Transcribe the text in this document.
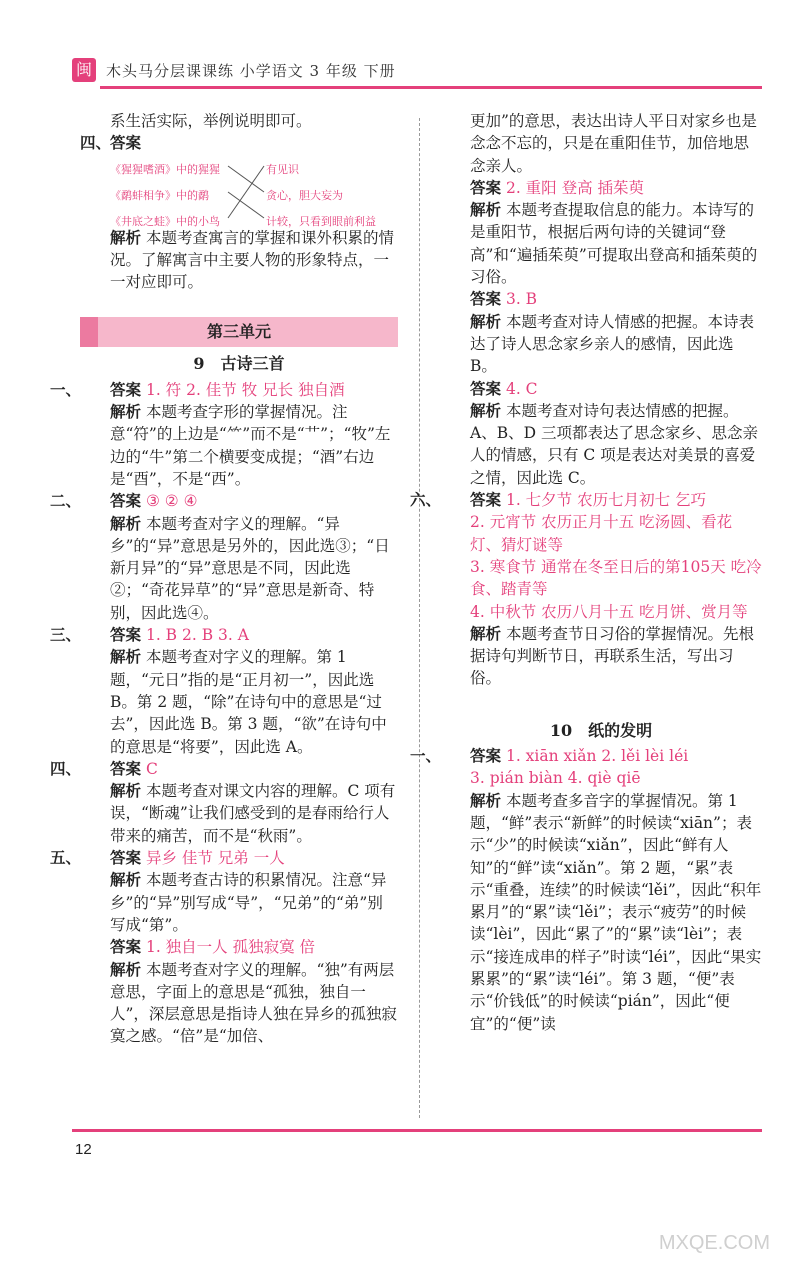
闽 木头马分层课课练 小学语文 3 年级 下册

系生活实际，举例说明即可。

四、答案

《猩猩嗜酒》中的猩猩
《鹬蚌相争》中的鹬
《井底之蛙》中的小鸟
有见识
贪心，胆大妄为
计较，只看到眼前利益

解析 本题考查寓言的掌握和课外积累的情况。了解寓言中主要人物的形象特点，一一对应即可。

第三单元
9　古诗三首

一、 答案 1. 符 2. 佳节 牧 兄长 独自酒

解析 本题考查字形的掌握情况。注意“符”的上边是“⺮”而不是“艹”；“牧”左边的“牛”第二个横要变成提；“酒”右边是“酉”，不是“西”。

二、 答案 ③ ② ④

解析 本题考查对字义的理解。“异乡”的“异”意思是另外的，因此选③；“日新月异”的“异”意思是不同，因此选②；“奇花异草”的“异”意思是新奇、特别，因此选④。

三、 答案 1. B 2. B 3. A

解析 本题考查对字义的理解。第 1 题，“元日”指的是“正月初一”，因此选 B。第 2 题，“除”在诗句中的意思是“过去”，因此选 B。第 3 题，“欲”在诗句中的意思是“将要”，因此选 A。

四、 答案 C

解析 本题考查对课文内容的理解。C 项有误，“断魂”让我们感受到的是春雨给行人带来的痛苦，而不是“秋雨”。

五、 答案 异乡 佳节 兄弟 一人

解析 本题考查古诗的积累情况。注意“异乡”的“异”别写成“导”，“兄弟”的“弟”别写成“第”。

答案 1. 独自一人 孤独寂寞 倍

解析 本题考查对字义的理解。“独”有两层意思，字面上的意思是“孤独，独自一人”，深层意思是指诗人独在异乡的孤独寂寞之感。“倍”是“加倍、

更加”的意思，表达出诗人平日对家乡也是念念不忘的，只是在重阳佳节，加倍地思念亲人。

答案 2. 重阳 登高 插茱萸

解析 本题考查提取信息的能力。本诗写的是重阳节，根据后两句诗的关键词“登高”和“遍插茱萸”可提取出登高和插茱萸的习俗。

答案 3. B

解析 本题考查对诗人情感的把握。本诗表达了诗人思念家乡亲人的感情，因此选 B。

答案 4. C

解析 本题考查对诗句表达情感的把握。A、B、D 三项都表达了思念家乡、思念亲人的情感，只有 C 项是表达对美景的喜爱之情，因此选 C。

六、 答案 1. 七夕节 农历七月初七 乞巧

2. 元宵节 农历正月十五 吃汤圆、看花灯、猜灯谜等

3. 寒食节 通常在冬至日后的第105天 吃冷食、踏青等

4. 中秋节 农历八月十五 吃月饼、赏月等

解析 本题考查节日习俗的掌握情况。先根据诗句判断节日，再联系生活，写出习俗。

10　纸的发明

一、 答案 1. xiān xiǎn 2. lěi lèi léi

3. pián biàn 4. qiè qiē

解析 本题考查多音字的掌握情况。第 1 题，“鲜”表示“新鲜”的时候读“xiān”；表示“少”的时候读“xiǎn”，因此“鲜有人知”的“鲜”读“xiǎn”。第 2 题，“累”表示“重叠，连续”的时候读“lěi”，因此“积年累月”的“累”读“lěi”；表示“疲劳”的时候读“lèi”，因此“累了”的“累”读“lèi”；表示“接连成串的样子”时读“léi”，因此“果实累累”的“累”读“léi”。第 3 题，“便”表示“价钱低”的时候读“pián”，因此“便宜”的“便”读

12
MXQE.COM
